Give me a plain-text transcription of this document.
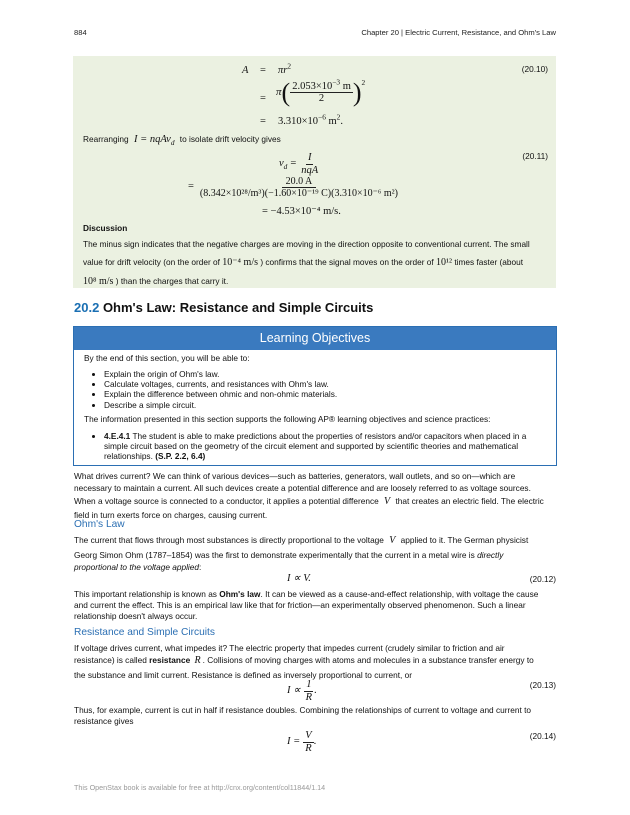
884	Chapter 20 | Electric Current, Resistance, and Ohm's Law
$A = \pi r^2$	(20.10)
=
π ( $\frac{2.053\times 10^{-3} m}{2} )^2$
= $3.310\times 10^{-6}$ $m^2$.
Rearranging I = nqAv$_d$ to isolate drift velocity gives
$v_d = \frac{I}{\text{nqA}}$	(20.11)
= $\frac{20.0 A}{\text{(8.342×10²⁸/m³)(−1.60×10⁻¹⁹ C)(3.310×10⁻⁶ m²)}}$
= −4.53×10⁻⁴ m/s.
Discussion
The minus sign indicates that the negative charges are moving in the direction opposite to conventional current. The small
value for drift velocity (on the order of 10⁻⁴ m/s ) confirms that the signal moves on the order of 10¹² times faster (about
10⁸ m/s ) than the charges that carry it.
20.2 Ohm's Law: Resistance and Simple Circuits
Learning Objectives
By the end of this section, you will be able to:
• Explain the origin of Ohm's law.
• Calculate voltages, currents, and resistances with Ohm's law.
• Explain the difference between ohmic and non-ohmic materials.
• Describe a simple circuit.
The information presented in this section supports the following AP® learning objectives and science practices:
• 4.E.4.1 The student is able to make predictions about the properties of resistors and/or capacitors when placed in a simple circuit based on the geometry of the circuit element and supported by scientific theories and mathematical relationships. (S.P. 2.2, 6.4)
What drives current? We can think of various devices—such as batteries, generators, wall outlets, and so on—which are
necessary to maintain a current. All such devices create a potential difference and are loosely referred to as voltage sources.
When a voltage source is connected to a conductor, it applies a potential difference V that creates an electric field. The electric
field in turn exerts force on charges, causing current.
Ohm's Law
The current that flows through most substances is directly proportional to the voltage V applied to it. The German physicist
Georg Simon Ohm (1787–1854) was the first to demonstrate experimentally that the current in a metal wire is directly
proportional to the voltage applied:
I ∝ V.	(20.12)
This important relationship is known as Ohm's law. It can be viewed as a cause-and-effect relationship, with voltage the cause
and current the effect. This is an empirical law like that for friction—an experimentally observed phenomenon. Such a linear
relationship doesn't always occur.
Resistance and Simple Circuits
If voltage drives current, what impedes it? The electric property that impedes current (crudely similar to friction and air
resistance) is called resistance R . Collisions of moving charges with atoms and molecules in a substance transfer energy to
the substance and limit current. Resistance is defined as inversely proportional to current, or
$I \propto \frac{1}{R}$ .	(20.13)
Thus, for example, current is cut in half if resistance doubles. Combining the relationships of current to voltage and current to
resistance gives
$I = \frac{V}{R}$ .	(20.14)
This OpenStax book is available for free at http://cnx.org/content/col11844/1.14
